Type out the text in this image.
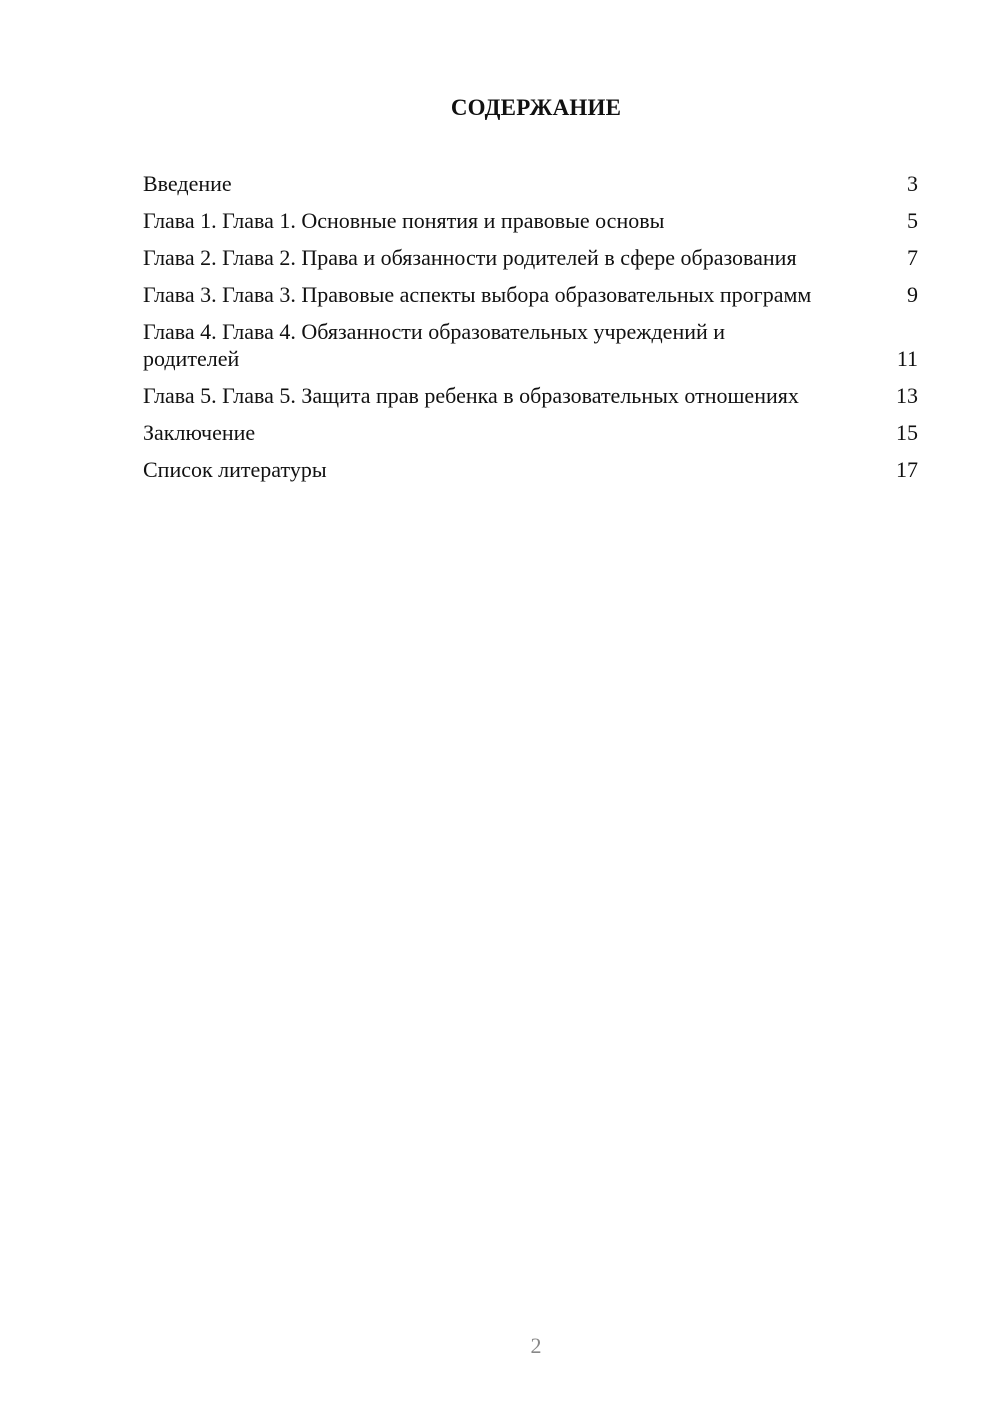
СОДЕРЖАНИЕ
Введение	3
Глава 1. Глава 1. Основные понятия и правовые основы	5
Глава 2. Глава 2. Права и обязанности родителей в сфере образования	7
Глава 3. Глава 3. Правовые аспекты выбора образовательных программ	9
Глава 4. Глава 4. Обязанности образовательных учреждений и родителей	11
Глава 5. Глава 5. Защита прав ребенка в образовательных отношениях	13
Заключение	15
Список литературы	17
2
